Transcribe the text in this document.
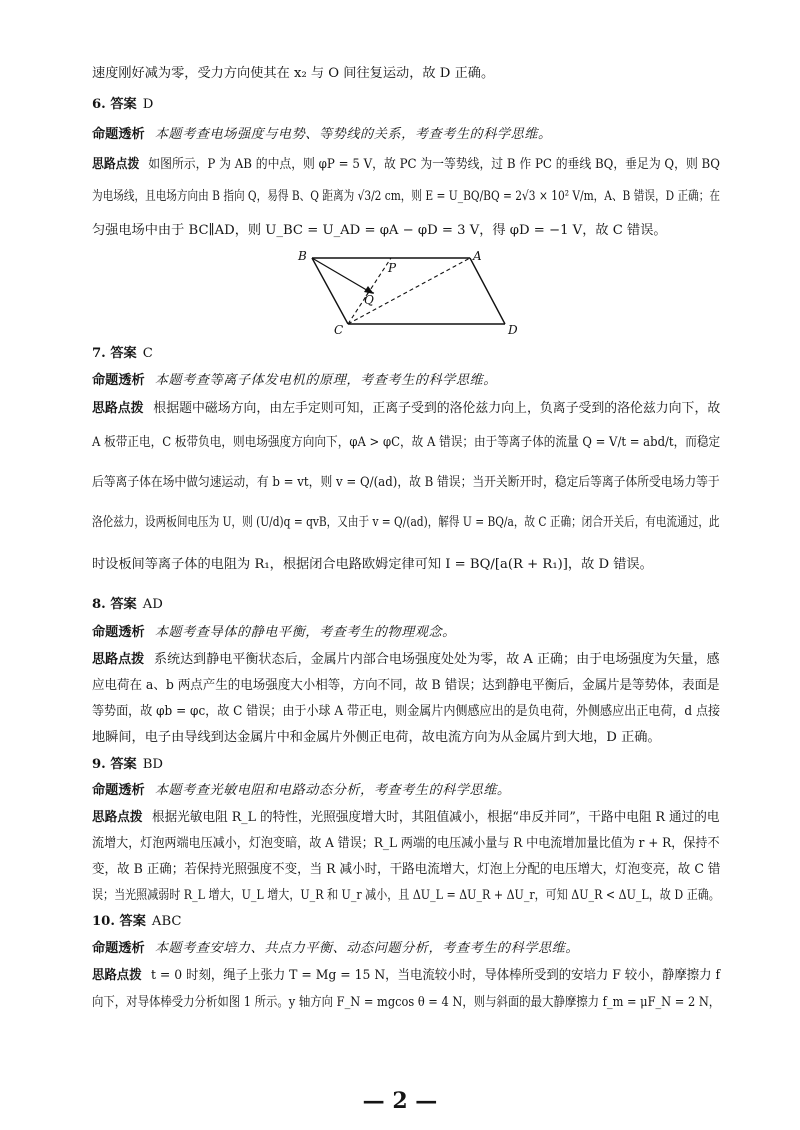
速度刚好减为零，受力方向使其在 x₂ 与 O 间往复运动，故 D 正确。
6. 答案 D
命题透析 本题考查电场强度与电势、等势线的关系，考查考生的科学思维。
思路点拨 如图所示，P 为 AB 的中点，则 φP = 5 V，故 PC 为一等势线，过 B 作 PC 的垂线 BQ，垂足为 Q，则 BQ
为电场线，且电场方向由 B 指向 Q，易得 B、Q 距离为 √3/2 cm，则 E = U_BQ/BQ = 2√3 × 10² V/m，A、B 错误，D 正确；在
匀强电场中由于 BC∥AD，则 U_BC = U_AD = φA − φD = 3 V，得 φD = −1 V，故 C 错误。
B
P
A
Q
C	D
7. 答案 C
命题透析 本题考查等离子体发电机的原理，考查考生的科学思维。
思路点拨 根据题中磁场方向，由左手定则可知，正离子受到的洛伦兹力向上，负离子受到的洛伦兹力向下，故
A 板带正电，C 板带负电，则电场强度方向向下，φA > φC，故 A 错误；由于等离子体的流量 Q = V/t = abd/t，而稳定
后等离子体在场中做匀速运动，有 b = vt，则 v = Q/(ad)，故 B 错误；当开关断开时，稳定后等离子体所受电场力等于
洛伦兹力，设两板间电压为 U，则 (U/d)q = qvB，又由于 v = Q/(ad)，解得 U = BQ/a，故 C 正确；闭合开关后，有电流通过，此
时设板间等离子体的电阻为 R₁，根据闭合电路欧姆定律可知 I = BQ/[a(R + R₁)]，故 D 错误。
8. 答案 AD
命题透析 本题考查导体的静电平衡，考查考生的物理观念。
思路点拨 系统达到静电平衡状态后，金属片内部合电场强度处处为零，故 A 正确；由于电场强度为矢量，感
应电荷在 a、b 两点产生的电场强度大小相等，方向不同，故 B 错误；达到静电平衡后，金属片是等势体，表面是
等势面，故 φb = φc，故 C 错误；由于小球 A 带正电，则金属片内侧感应出的是负电荷，外侧感应出正电荷，d 点接
地瞬间，电子由导线到达金属片中和金属片外侧正电荷，故电流方向为从金属片到大地，D 正确。
9. 答案 BD
命题透析 本题考查光敏电阻和电路动态分析，考查考生的科学思维。
思路点拨 根据光敏电阻 R_L 的特性，光照强度增大时，其阻值减小，根据“串反并同”，干路中电阻 R 通过的电
流增大，灯泡两端电压减小，灯泡变暗，故 A 错误；R_L 两端的电压减小量与 R 中电流增加量比值为 r + R，保持不
变，故 B 正确；若保持光照强度不变，当 R 减小时，干路电流增大，灯泡上分配的电压增大，灯泡变亮，故 C 错
误；当光照减弱时 R_L 增大，U_L 增大，U_R 和 U_r 减小，且 ΔU_L = ΔU_R + ΔU_r，可知 ΔU_R < ΔU_L，故 D 正确。
10. 答案 ABC
命题透析 本题考查安培力、共点力平衡、动态问题分析，考查考生的科学思维。
思路点拨 t = 0 时刻，绳子上张力 T = Mg = 15 N，当电流较小时，导体棒所受到的安培力 F 较小，静摩擦力 f
向下，对导体棒受力分析如图 1 所示。y 轴方向 F_N = mgcos θ = 4 N，则与斜面的最大静摩擦力 f_m = μF_N = 2 N，
— 2 —
